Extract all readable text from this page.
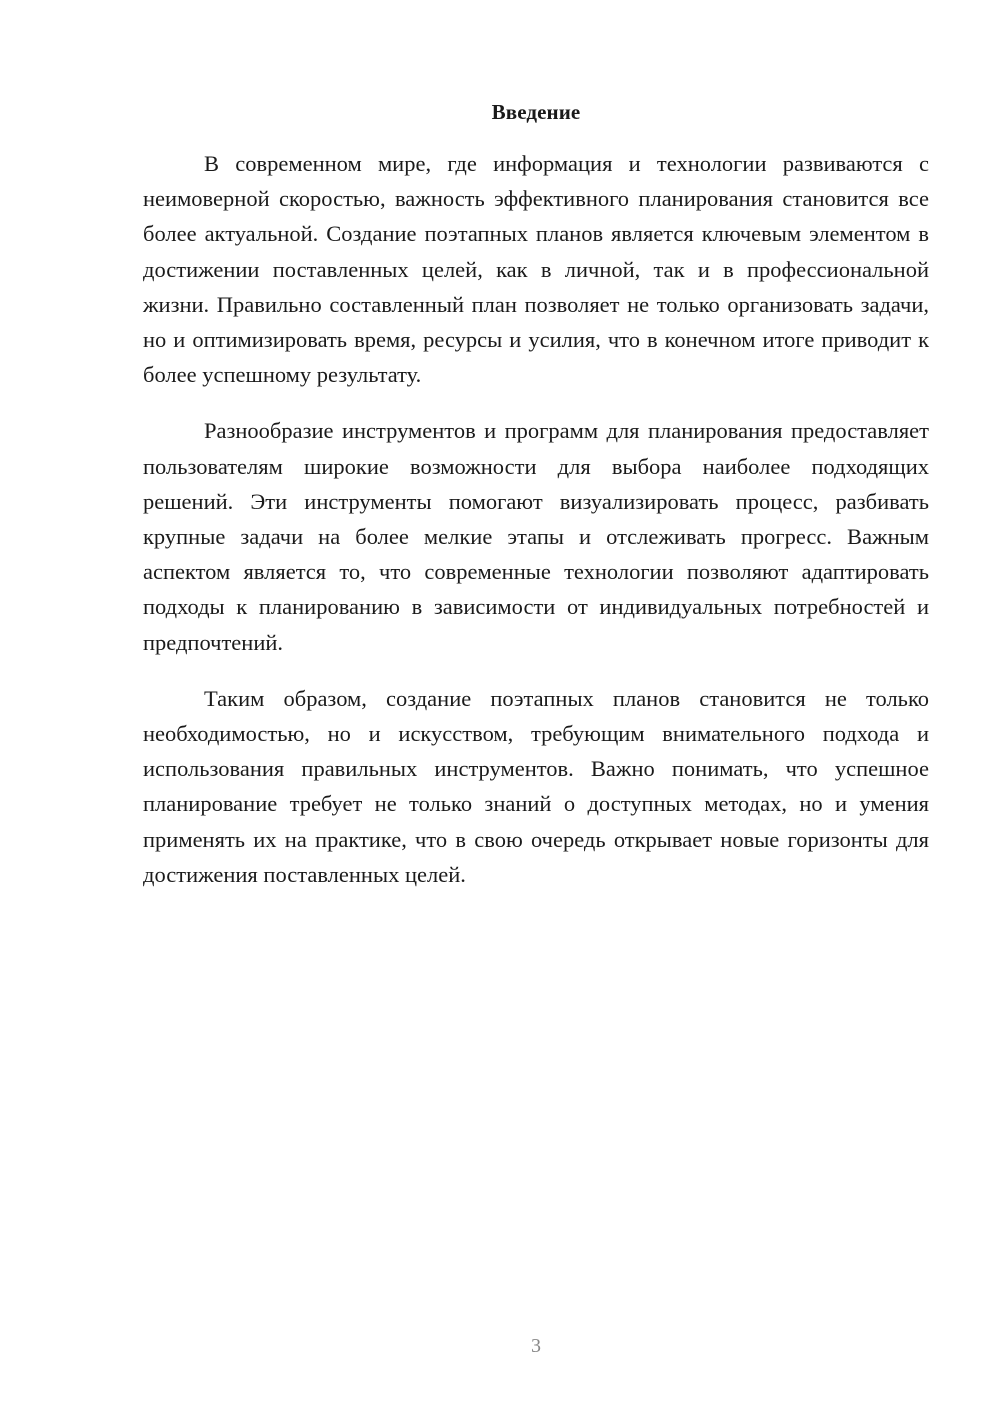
Введение

В современном мире, где информация и технологии развиваются с неимоверной скоростью, важность эффективного планирования становится все более актуальной. Создание поэтапных планов является ключевым элементом в достижении поставленных целей, как в личной, так и в профессиональной жизни. Правильно составленный план позволяет не только организовать задачи, но и оптимизировать время, ресурсы и усилия, что в конечном итоге приводит к более успешному результату.

Разнообразие инструментов и программ для планирования предоставляет пользователям широкие возможности для выбора наиболее подходящих решений. Эти инструменты помогают визуализировать процесс, разбивать крупные задачи на более мелкие этапы и отслеживать прогресс. Важным аспектом является то, что современные технологии позволяют адаптировать подходы к планированию в зависимости от индивидуальных потребностей и предпочтений.

Таким образом, создание поэтапных планов становится не только необходимостью, но и искусством, требующим внимательного подхода и использования правильных инструментов. Важно понимать, что успешное планирование требует не только знаний о доступных методах, но и умения применять их на практике, что в свою очередь открывает новые горизонты для достижения поставленных целей.

3
